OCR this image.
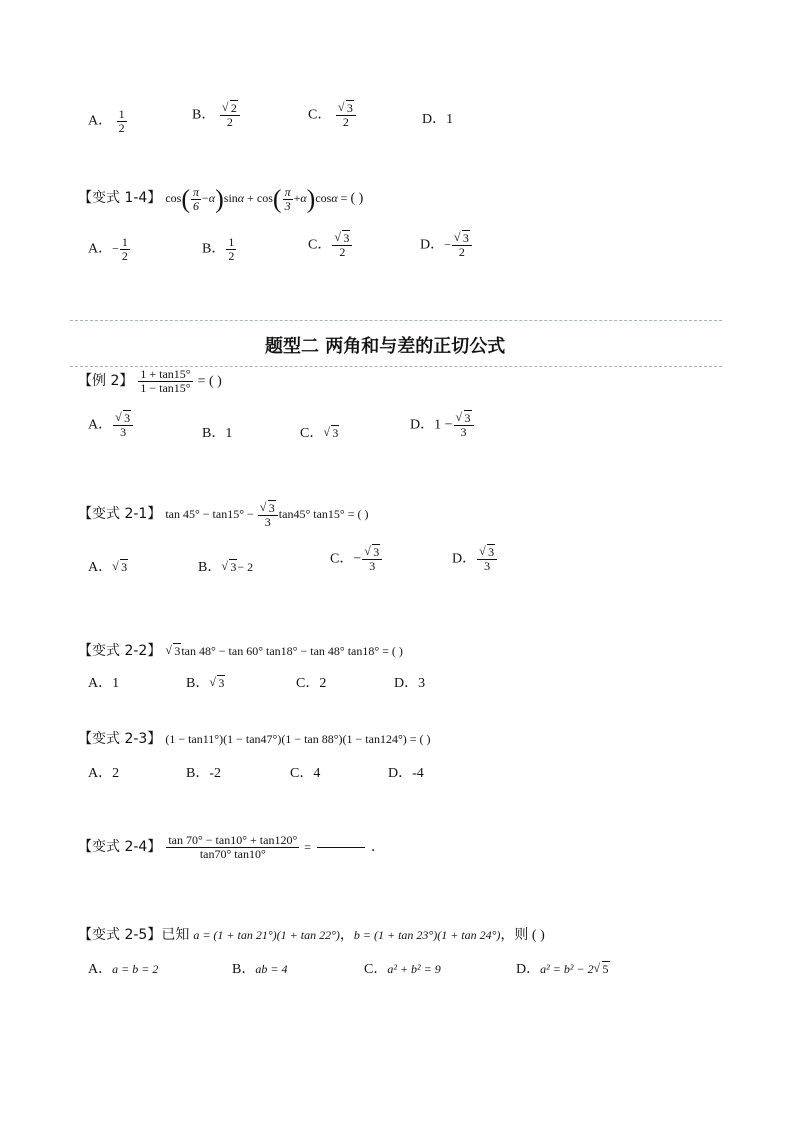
A． $\frac{1}{2}$	B． √ $\frac{2}{2}$	C． √ $\frac{3}{2}$	D．1
【变式 1-4】 $\cos( \frac{\pi}{6} -\alpha)\sin\alpha + \cos( \frac{\pi}{3} +\alpha)\cos\alpha$ = ( )
A．− $\frac{1}{2}$	B． $\frac{1}{2}$	C． √ $\frac{3}{2}$	D．− √ $\frac{3}{2}$
题型二 两角和与差的正切公式
【例 2】 $\frac{1 + \tan 15^\circ}{1 - \tan 15^\circ}$ = ( )
A． √ $\frac{3}{3}$	B．1	C． √ 3
D．1 − √ $\frac{3}{3}$
【变式 2-1】 tan 45° − tan15° − √ $\frac{3}{3} \tan 45^\circ$ tan15° = ( )
A． √ 3	B． √ 3− 2
C．− √ $\frac{3}{3}$	D． √ $\frac{3}{3}$
【变式 2-2】 √ 3tan 48° − tan 60° tan18° − tan 48° tan18° = ( )
A．1	B． √ 3	C．2	D．3
【变式 2-3】 (1 − tan11°)(1 − tan47°)(1 − tan 88°)(1 − tan124°) = ( )
A．2	B．-2	C．4	D．-4
【变式 2-4】 $\frac{\tan 70^\circ - \tan 10^\circ + \tan 120^\circ}{\tan 70^\circ \tan 10^\circ}$ =	．
【变式 2-5】已知 a = (1 + tan 21°)(1 + tan 22°)，b = (1 + tan 23°)(1 + tan 24°)，则 ( )
A．a = b = 2	B．ab = 4	C．a² + b² = 9	D．a² = b² − 2 √ 5
